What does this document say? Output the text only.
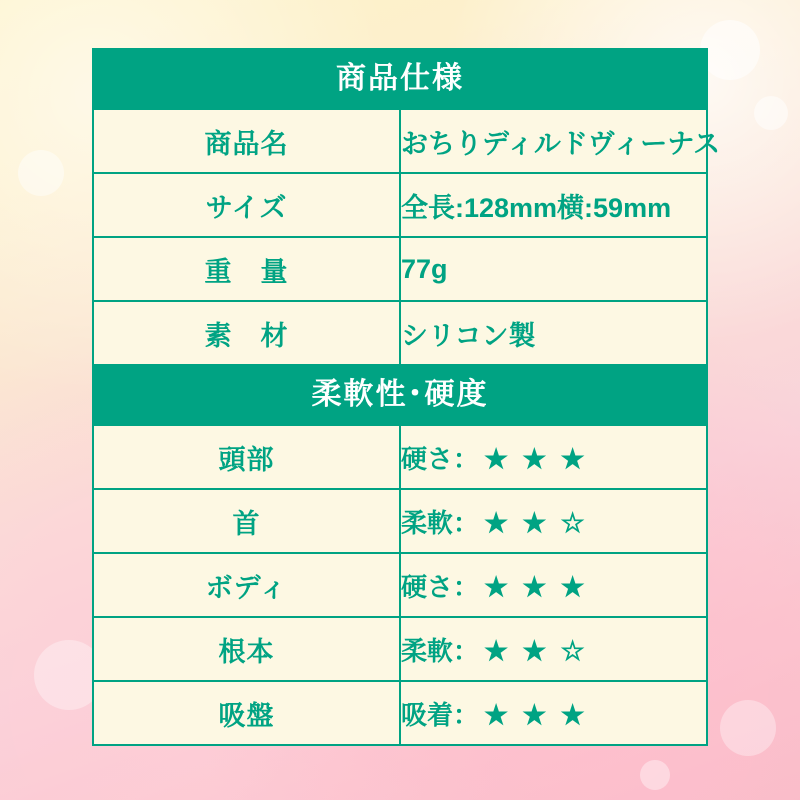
商品仕様	
商品名	おちりディルドヴィーナス
サイズ	全長:128mm横:59mm
重　量	77g
素　材	シリコン製
柔軟性･硬度	
頭部	硬さ： ★ ★ ★
首	柔軟： ★ ★ ☆
ボディ	硬さ： ★ ★ ★
根本	柔軟： ★ ★ ☆
吸盤	吸着： ★ ★ ★
